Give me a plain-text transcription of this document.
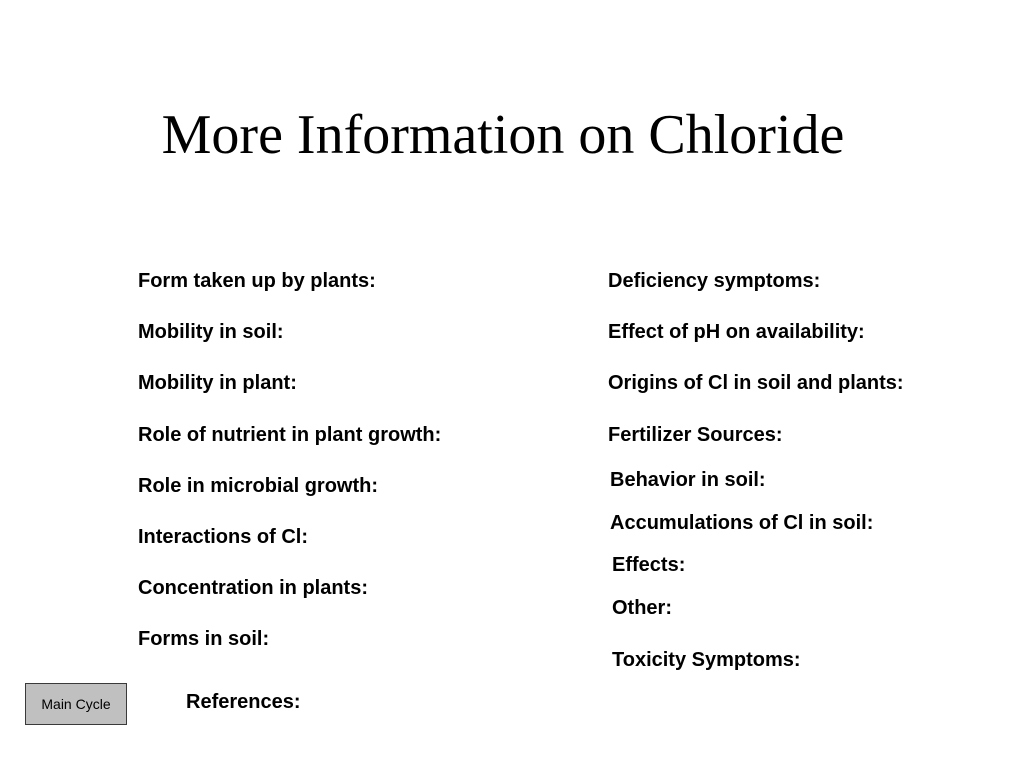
More Information on Chloride
Form taken up by plants:
Mobility in soil:
Mobility in plant:
Role of nutrient in plant growth:
Role in microbial growth:
Interactions of Cl:
Concentration in plants:
Forms in soil:
Deficiency symptoms:
Effect of pH on availability:
Origins of Cl in soil and plants:
Fertilizer Sources:
Behavior in soil:
Accumulations of Cl in soil:
Effects:
Other:
Toxicity Symptoms:
References:
Main Cycle
